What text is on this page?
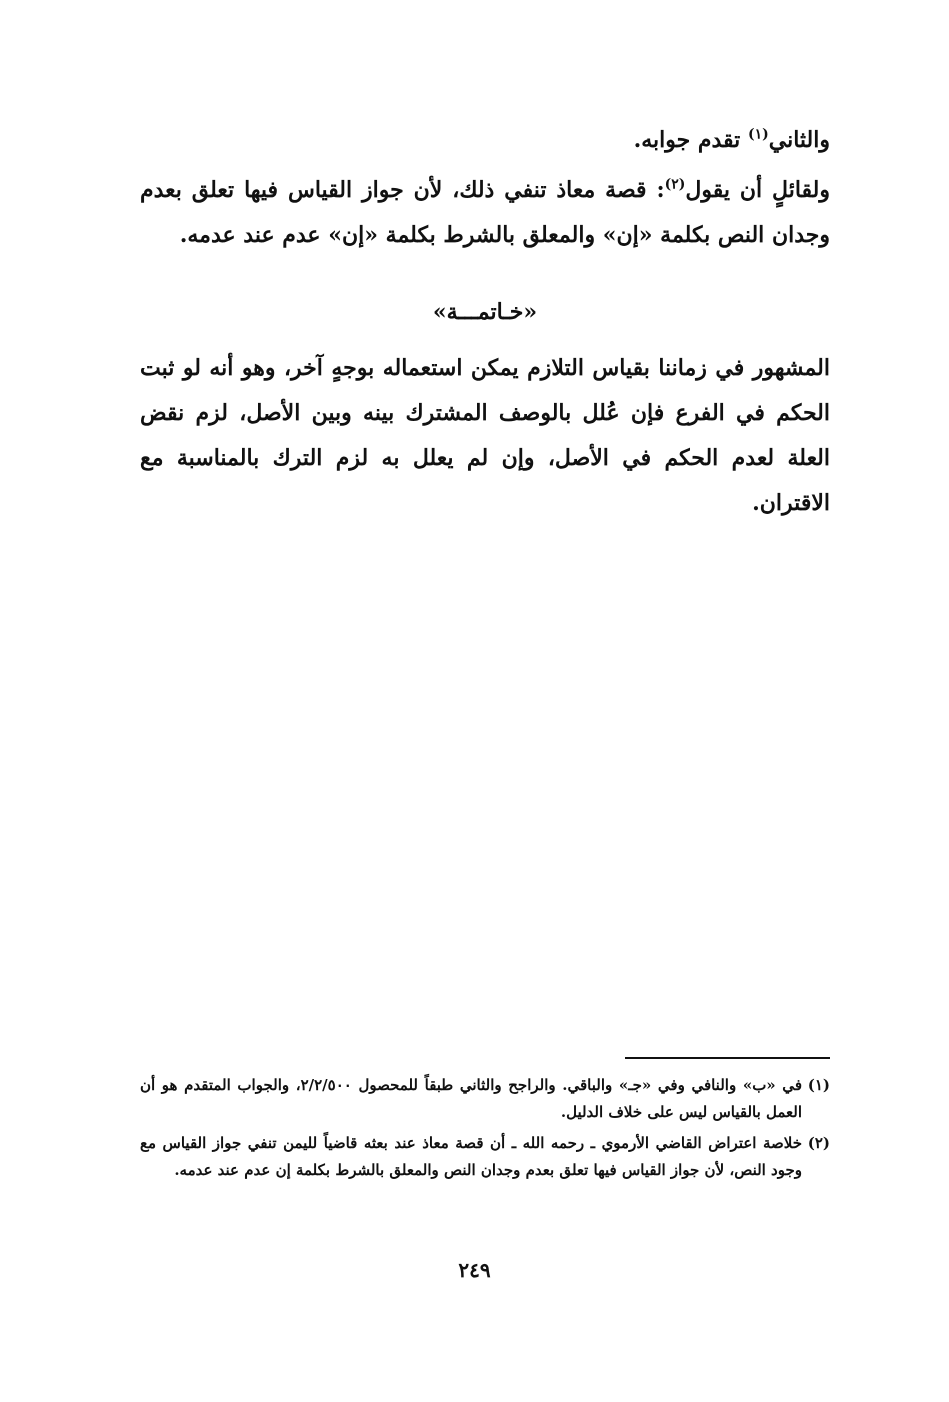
والثاني$^{(١)}$ تقدم جوابه.

ولقائلٍ أن يقول$^{(٢)}$: قصة معاذ تنفي ذلك، لأن جواز القياس فيها تعلق بعدم وجدان النص بكلمة «إن» والمعلق بالشرط بكلمة «إن» عدم عند عدمه.

«خـاتمـــة»

المشهور في زماننا بقياس التلازم يمكن استعماله بوجهٍ آخر، وهو أنه لو ثبت الحكم في الفرع فإن عُلل بالوصف المشترك بينه وبين الأصل، لزم نقض العلة لعدم الحكم في الأصل، وإن لم يعلل به لزم الترك بالمناسبة مع الاقتران.

(١)
في «ب» والنافي وفي «جـ» والباقي. والراجح والثاني طبقاً للمحصول ٢/٢/٥٠٠، والجواب المتقدم هو أن العمل بالقياس ليس على خلاف الدليل.

(٢)
خلاصة اعتراض القاضي الأرموي ـ رحمه الله ـ أن قصة معاذ عند بعثه قاضياً لليمن تنفي جواز القياس مع وجود النص، لأن جواز القياس فيها تعلق بعدم وجدان النص والمعلق بالشرط بكلمة إن عدم عند عدمه.

٢٤٩
